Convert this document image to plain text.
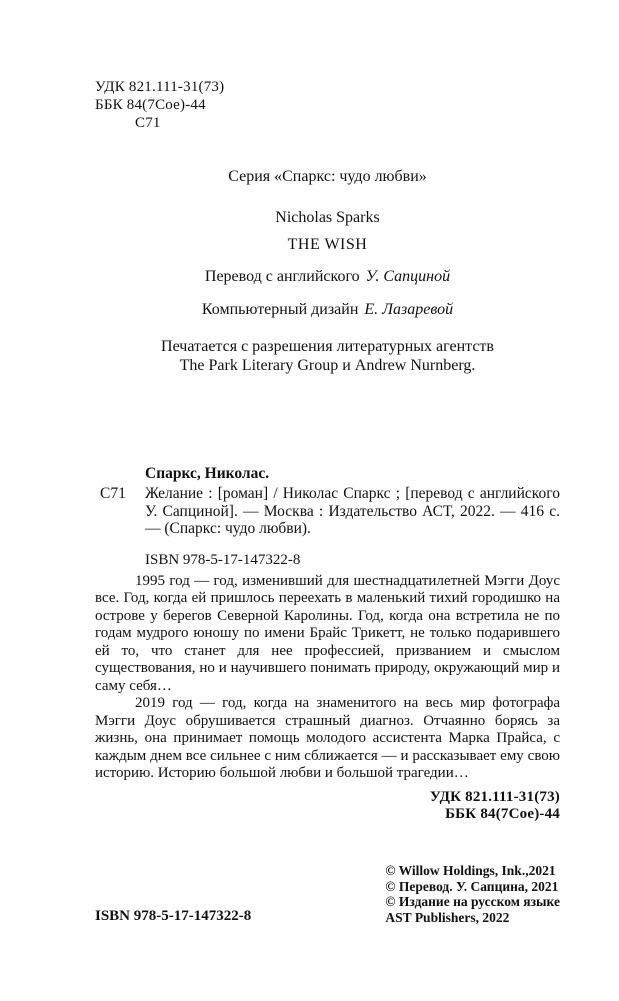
УДК 821.111-31(73)
ББК 84(7Сое)-44
С71
Серия «Спаркс: чудо любви»
Nicholas Sparks
THE WISH
Перевод с английского У. Сапциной
Компьютерный дизайн Е. Лазаревой
Печатается с разрешения литературных агентств
The Park Literary Group и Andrew Nurnberg.
Спаркс, Николас.
С71 Желание : [роман] / Николас Спаркс ; [перевод с английского У. Сапциной]. — Москва : Издательство АСТ, 2022. — 416 с. — (Спаркс: чудо любви).
ISBN 978-5-17-147322-8

1995 год — год, изменивший для шестнадцатилетней Мэгги Доус все. Год, когда ей пришлось переехать в маленький тихий городишко на острове у берегов Северной Каролины. Год, когда она встретила не по годам мудрого юношу по имени Брайс Трикетт, не только подарившего ей то, что станет для нее профессией, призванием и смыслом существования, но и научившего понимать природу, окружающий мир и саму себя…

2019 год — год, когда на знаменитого на весь мир фотографа Мэгги Доус обрушивается страшный диагноз. Отчаянно борясь за жизнь, она принимает помощь молодого ассистента Марка Прайса, с каждым днем все сильнее с ним сближается — и рассказывает ему свою историю. Историю большой любви и большой трагедии…

УДК 821.111-31(73)
ББК 84(7Сое)-44
ISBN 978-5-17-147322-8
© Willow Holdings, Ink.,2021
© Перевод. У. Сапцина, 2021
© Издание на русском языке
AST Publishers, 2022
